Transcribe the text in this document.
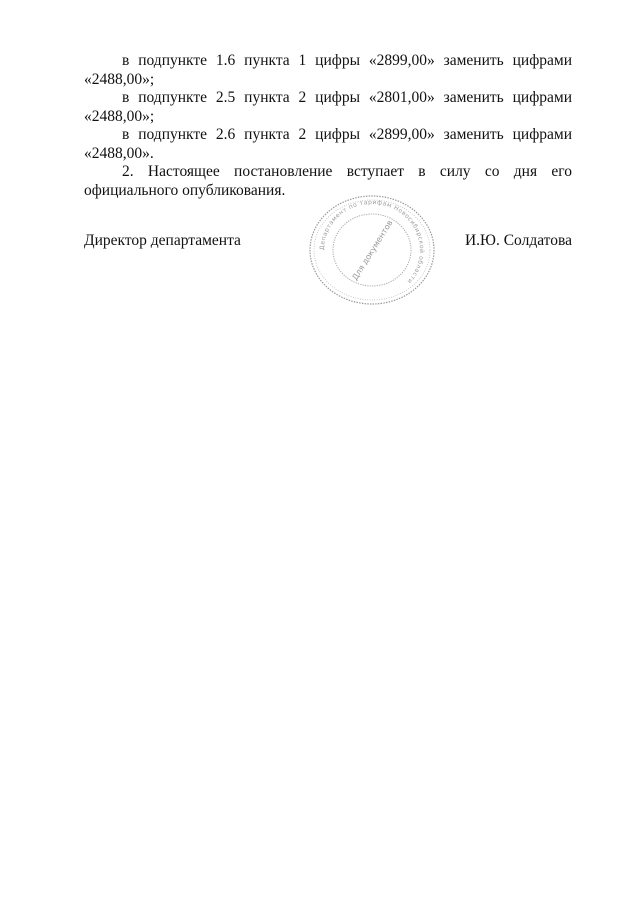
в подпункте 1.6 пункта 1 цифры «2899,00» заменить цифрами «2488,00»;

в подпункте 2.5 пункта 2 цифры «2801,00» заменить цифрами «2488,00»;

в подпункте 2.6 пункта 2 цифры «2899,00» заменить цифрами «2488,00».

2. Настоящее постановление вступает в силу со дня его официального опубликования.

Директор департамента	И.Ю. Солдатова
Департамент по тарифам Новосибирской области
Для документов
